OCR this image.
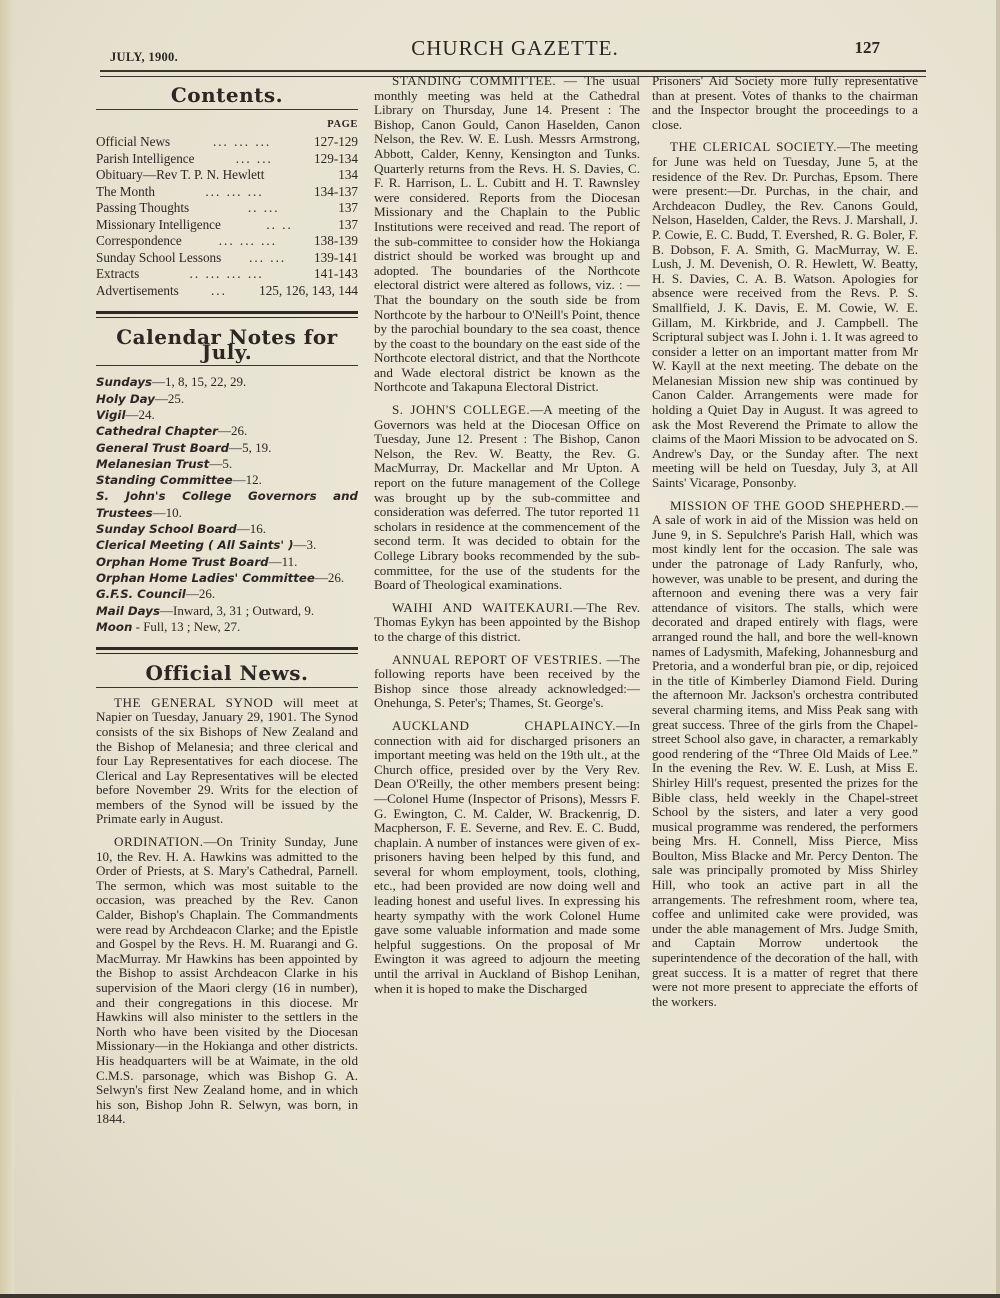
JULY, 1900.	CHURCH GAZETTE.	127
Contents.
PAGE
Official News	... ... ...	127-129
Parish Intelligence	... ...	129-134
Obituary—Rev T. P. N. Hewlett	134
The Month	... ... ...	134-137
Passing Thoughts	.. ...	137
Missionary Intelligence	.. ..	137
Correspondence	... ... ...	138-139
Sunday School Lessons	... ...	139-141
Extracts	.. ... ... ...	141-143
Advertisements	...	125, 126, 143, 144
Calendar Notes for July.
Sundays—1, 8, 15, 22, 29.
Holy Day—25.
Vigil—24.
Cathedral Chapter—26.
General Trust Board—5, 19.
Melanesian Trust—5.
Standing Committee—12.
S. John's College Governors and Trustees—10.
Sunday School Board—16.
Clerical Meeting ( All Saints' )—3.
Orphan Home Trust Board—11.
Orphan Home Ladies' Committee—26.
G.F.S. Council—26.
Mail Days—Inward, 3, 31 ; Outward, 9.
Moon - Full, 13 ; New, 27.
Official News.

THE GENERAL SYNOD will meet at Napier on Tuesday, January 29, 1901. The Synod consists of the six Bishops of New Zealand and the Bishop of Melanesia; and three clerical and four Lay Representatives for each diocese. The Clerical and Lay Representatives will be elected before November 29. Writs for the election of members of the Synod will be issued by the Primate early in August.

ORDINATION.—On Trinity Sunday, June 10, the Rev. H. A. Hawkins was admitted to the Order of Priests, at S. Mary's Cathedral, Parnell. The sermon, which was most suitable to the occasion, was preached by the Rev. Canon Calder, Bishop's Chaplain. The Commandments were read by Archdeacon Clarke; and the Epistle and Gospel by the Revs. H. M. Ruarangi and G. MacMurray. Mr Hawkins has been appointed by the Bishop to assist Archdeacon Clarke in his supervision of the Maori clergy (16 in number), and their congregations in this diocese. Mr Hawkins will also minister to the settlers in the North who have been visited by the Diocesan Missionary—in the Hokianga and other districts. His headquarters will be at Waimate, in the old C.M.S. parsonage, which was Bishop G. A. Selwyn's first New Zealand home, and in which his son, Bishop John R. Selwyn, was born, in 1844.

STANDING COMMITTEE. — The usual monthly meeting was held at the Cathedral Library on Thursday, June 14. Present : The Bishop, Canon Gould, Canon Haselden, Canon Nelson, the Rev. W. E. Lush. Messrs Armstrong, Abbott, Calder, Kenny, Kensington and Tunks. Quarterly returns from the Revs. H. S. Davies, C. F. R. Harrison, L. L. Cubitt and H. T. Rawnsley were considered. Reports from the Diocesan Missionary and the Chaplain to the Public Institutions were received and read. The report of the sub-committee to consider how the Hokianga district should be worked was brought up and adopted. The boundaries of the Northcote electoral district were altered as follows, viz. : —That the boundary on the south side be from Northcote by the harbour to O'Neill's Point, thence by the parochial boundary to the sea coast, thence by the coast to the boundary on the east side of the Northcote electoral district, and that the Northcote and Wade electoral district be known as the Northcote and Takapuna Electoral District.

S. JOHN'S COLLEGE.—A meeting of the Governors was held at the Diocesan Office on Tuesday, June 12. Present : The Bishop, Canon Nelson, the Rev. W. Beatty, the Rev. G. MacMurray, Dr. Mackellar and Mr Upton. A report on the future management of the College was brought up by the sub-committee and consideration was deferred. The tutor reported 11 scholars in residence at the commencement of the second term. It was decided to obtain for the College Library books recommended by the sub-committee, for the use of the students for the Board of Theological examinations.

WAIHI AND WAITEKAURI.—The Rev. Thomas Eykyn has been appointed by the Bishop to the charge of this district.

ANNUAL REPORT OF VESTRIES. —The following reports have been received by the Bishop since those already acknowledged:—Onehunga, S. Peter's; Thames, St. George's.

AUCKLAND CHAPLAINCY.—In connection with aid for discharged prisoners an important meeting was held on the 19th ult., at the Church office, presided over by the Very Rev. Dean O'Reilly, the other members present being:—Colonel Hume (Inspector of Prisons), Messrs F. G. Ewington, C. M. Calder, W. Brackenrig, D. Macpherson, F. E. Severne, and Rev. E. C. Budd, chaplain. A number of instances were given of ex-prisoners having been helped by this fund, and several for whom employment, tools, clothing, etc., had been provided are now doing well and leading honest and useful lives. In expressing his hearty sympathy with the work Colonel Hume gave some valuable information and made some helpful suggestions. On the proposal of Mr Ewington it was agreed to adjourn the meeting until the arrival in Auckland of Bishop Lenihan, when it is hoped to make the Discharged

Prisoners' Aid Society more fully representative than at present. Votes of thanks to the chairman and the Inspector brought the proceedings to a close.

THE CLERICAL SOCIETY.—The meeting for June was held on Tuesday, June 5, at the residence of the Rev. Dr. Purchas, Epsom. There were present:—Dr. Purchas, in the chair, and Archdeacon Dudley, the Rev. Canons Gould, Nelson, Haselden, Calder, the Revs. J. Marshall, J. P. Cowie, E. C. Budd, T. Evershed, R. G. Boler, F. B. Dobson, F. A. Smith, G. MacMurray, W. E. Lush, J. M. Devenish, O. R. Hewlett, W. Beatty, H. S. Davies, C. A. B. Watson. Apologies for absence were received from the Revs. P. S. Smallfield, J. K. Davis, E. M. Cowie, W. E. Gillam, M. Kirkbride, and J. Campbell. The Scriptural subject was I. John i. 1. It was agreed to consider a letter on an important matter from Mr W. Kayll at the next meeting. The debate on the Melanesian Mission new ship was continued by Canon Calder. Arrangements were made for holding a Quiet Day in August. It was agreed to ask the Most Reverend the Primate to allow the claims of the Maori Mission to be advocated on S. Andrew's Day, or the Sunday after. The next meeting will be held on Tuesday, July 3, at All Saints' Vicarage, Ponsonby.

MISSION OF THE GOOD SHEPHERD.—A sale of work in aid of the Mission was held on June 9, in S. Sepulchre's Parish Hall, which was most kindly lent for the occasion. The sale was under the patronage of Lady Ranfurly, who, however, was unable to be present, and during the afternoon and evening there was a very fair attendance of visitors. The stalls, which were decorated and draped entirely with flags, were arranged round the hall, and bore the well-known names of Ladysmith, Mafeking, Johannesburg and Pretoria, and a wonderful bran pie, or dip, rejoiced in the title of Kimberley Diamond Field. During the afternoon Mr. Jackson's orchestra contributed several charming items, and Miss Peak sang with great success. Three of the girls from the Chapel-street School also gave, in character, a remarkably good rendering of the “Three Old Maids of Lee.” In the evening the Rev. W. E. Lush, at Miss E. Shirley Hill's request, presented the prizes for the Bible class, held weekly in the Chapel-street School by the sisters, and later a very good musical programme was rendered, the performers being Mrs. H. Connell, Miss Pierce, Miss Boulton, Miss Blacke and Mr. Percy Denton. The sale was principally promoted by Miss Shirley Hill, who took an active part in all the arrangements. The refreshment room, where tea, coffee and unlimited cake were provided, was under the able management of Mrs. Judge Smith, and Captain Morrow undertook the superintendence of the decoration of the hall, with great success. It is a matter of regret that there were not more present to appreciate the efforts of the workers.
